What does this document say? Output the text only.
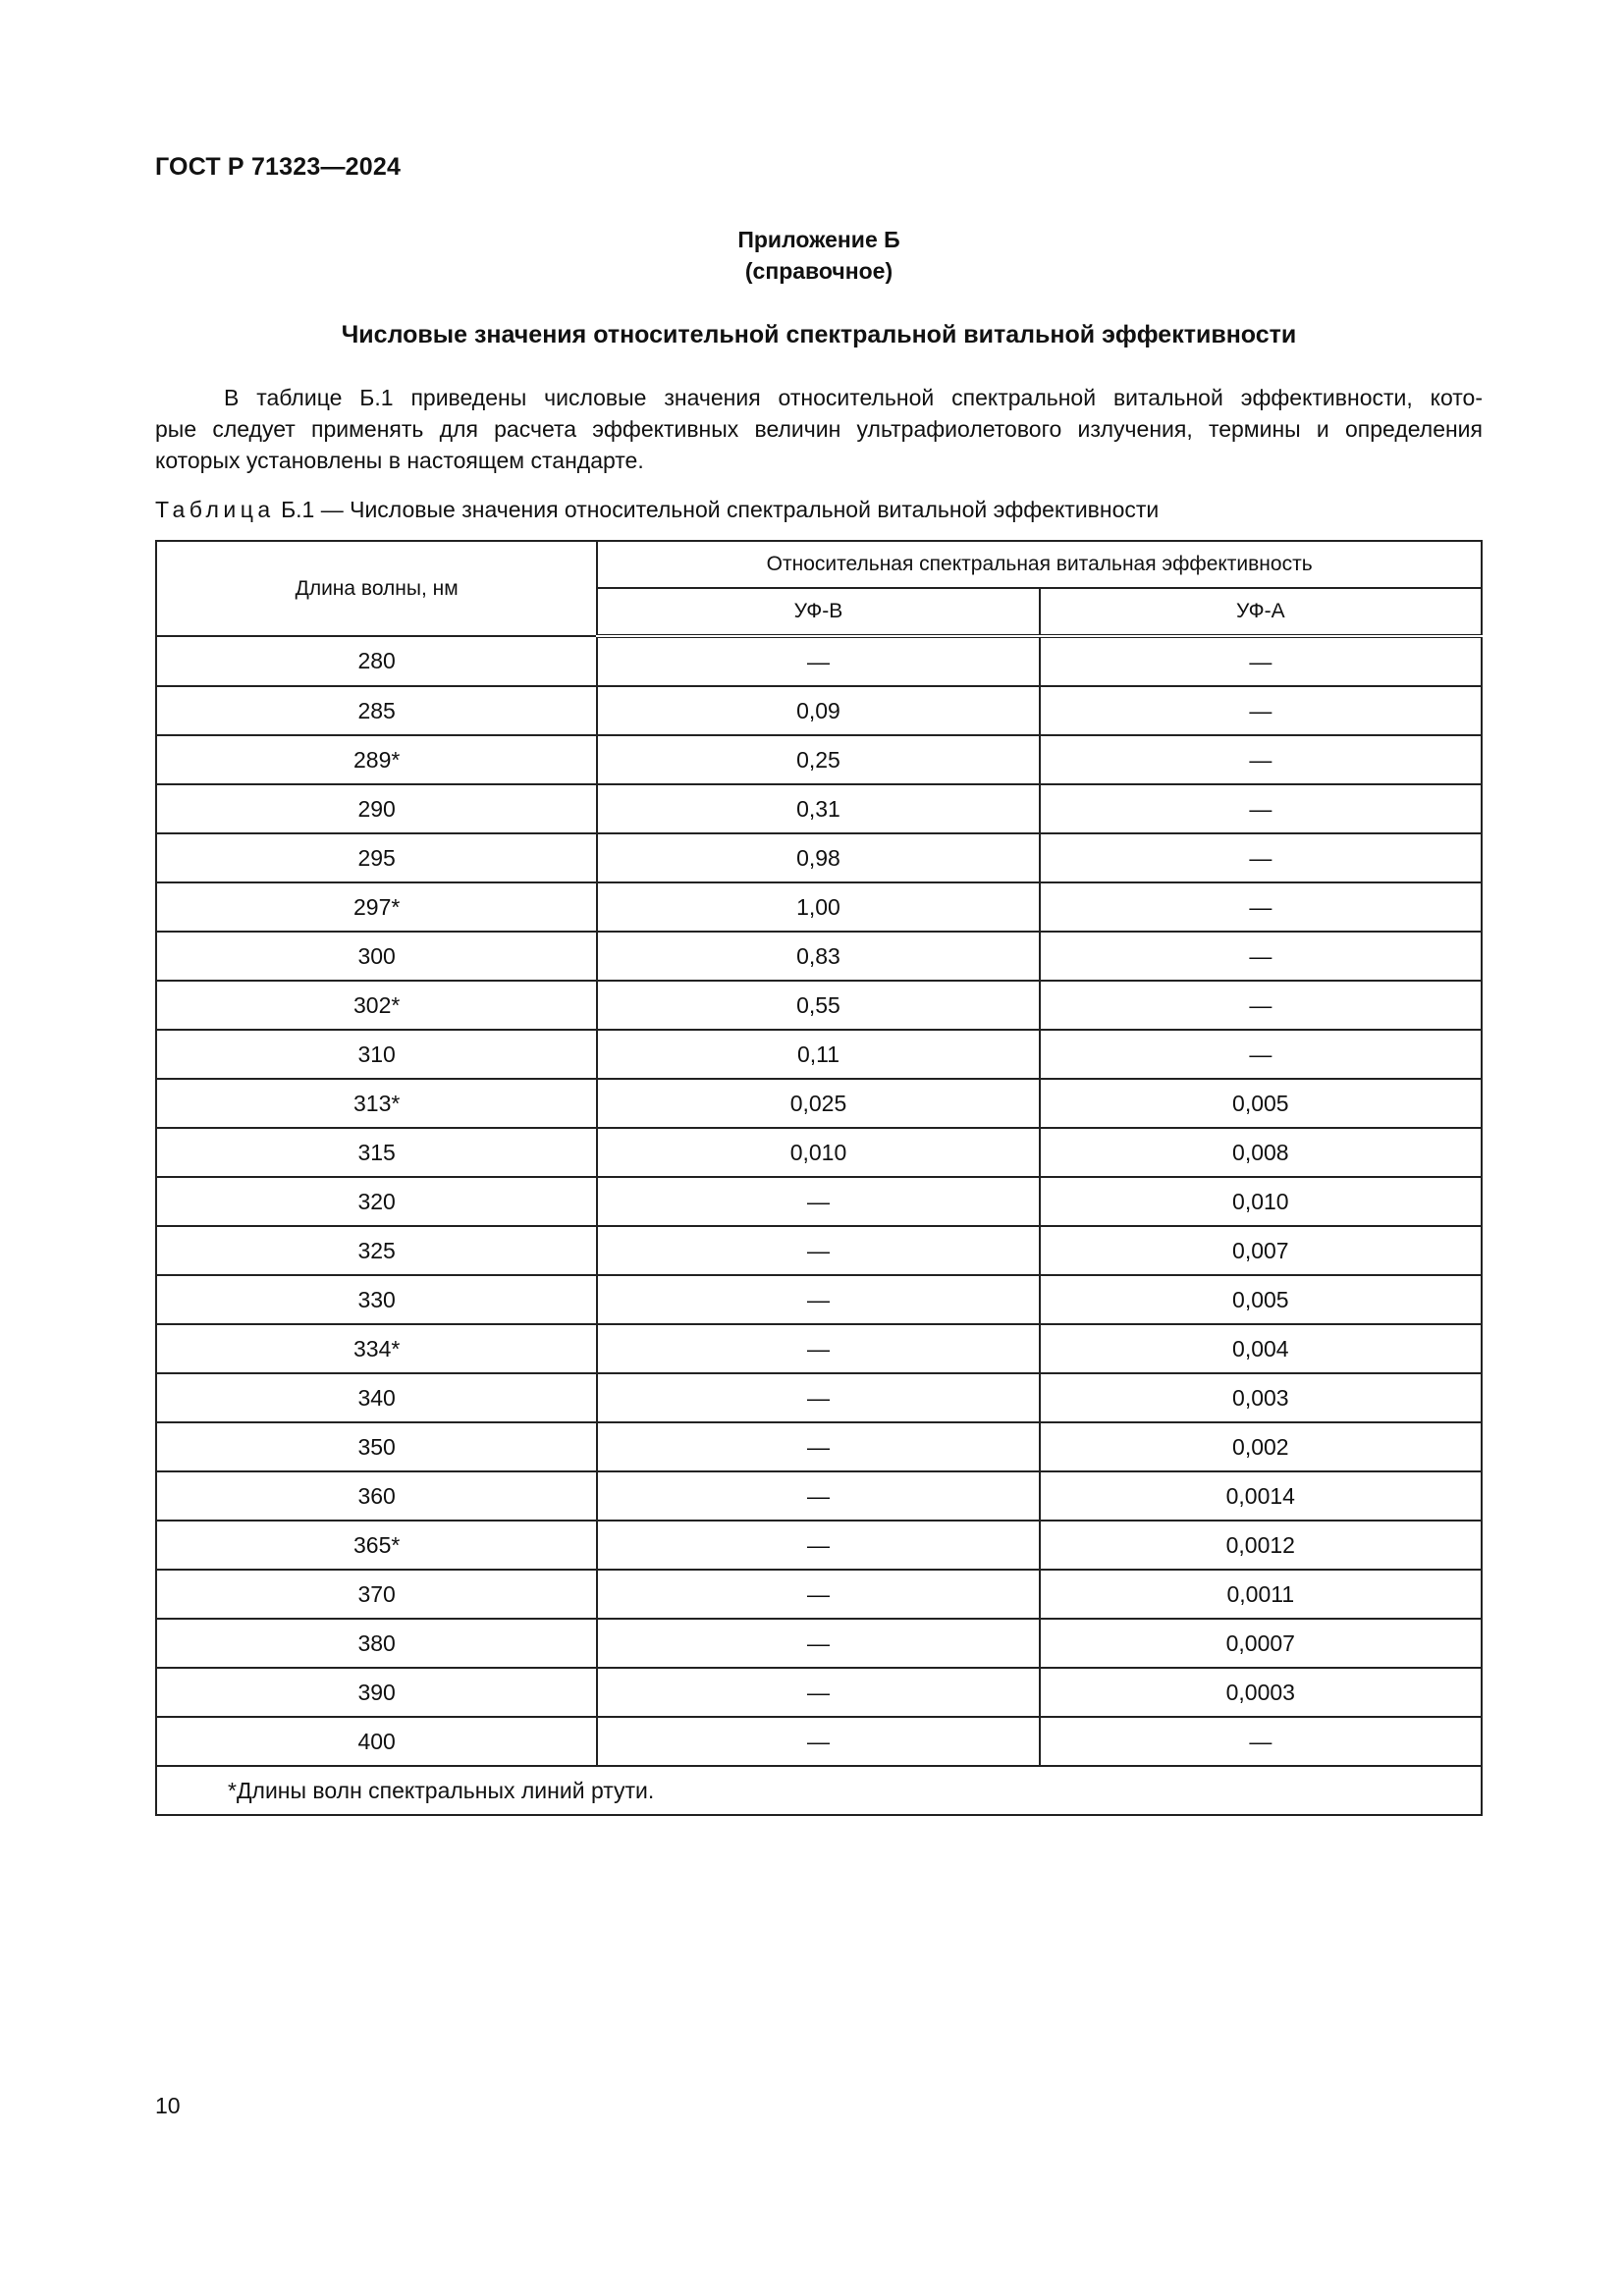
ГОСТ Р 71323—2024
Приложение Б
(справочное)
Числовые значения относительной спектральной витальной эффективности
В таблице Б.1 приведены числовые значения относительной спектральной витальной эффективности, кото-
рые следует применять для расчета эффективных величин ультрафиолетового излучения, термины и определения
которых установлены в настоящем стандарте.
Таблица Б.1 — Числовые значения относительной спектральной витальной эффективности
Длина волны, нм	Относительная спектральная витальная эффективность	
	УФ-В	УФ-А
280	—	—
285	0,09	—
289*	0,25	—
290	0,31	—
295	0,98	—
297*	1,00	—
300	0,83	—
302*	0,55	—
310	0,11	—
313*	0,025	0,005
315	0,010	0,008
320	—	0,010
325	—	0,007
330	—	0,005
334*	—	0,004
340	—	0,003
350	—	0,002
360	—	0,0014
365*	—	0,0012
370	—	0,0011
380	—	0,0007
390	—	0,0003
400	—	—
*Длины волн спектральных линий ртути.		
10
